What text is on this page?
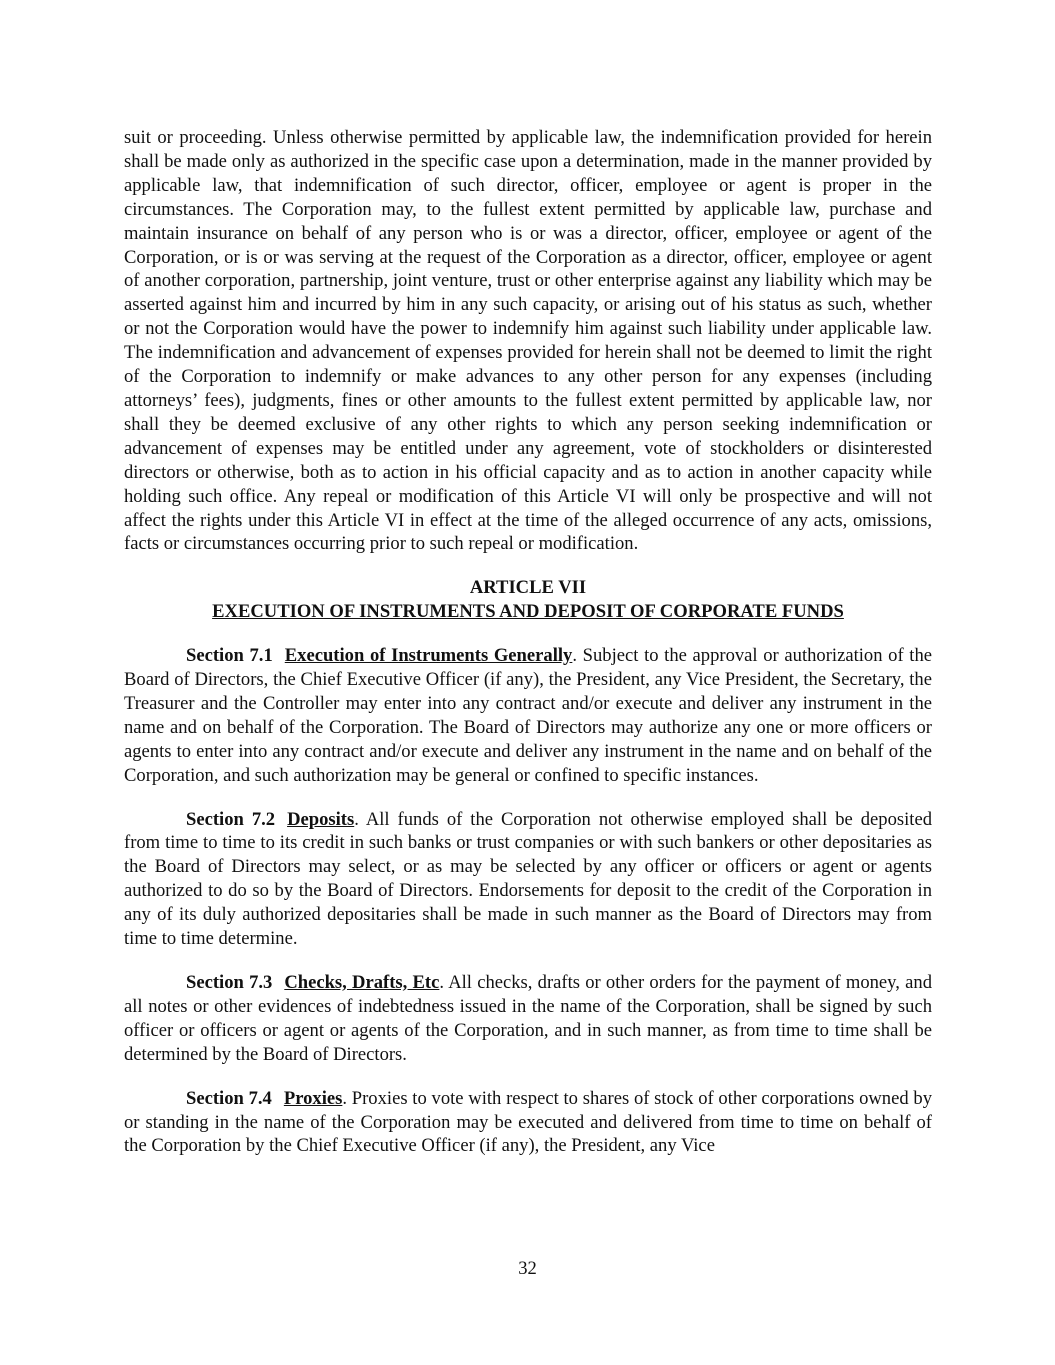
suit or proceeding. Unless otherwise permitted by applicable law, the indemnification provided for herein shall be made only as authorized in the specific case upon a determination, made in the manner provided by applicable law, that indemnification of such director, officer, employee or agent is proper in the circumstances. The Corporation may, to the fullest extent permitted by applicable law, purchase and maintain insurance on behalf of any person who is or was a director, officer, employee or agent of the Corporation, or is or was serving at the request of the Corporation as a director, officer, employee or agent of another corporation, partnership, joint venture, trust or other enterprise against any liability which may be asserted against him and incurred by him in any such capacity, or arising out of his status as such, whether or not the Corporation would have the power to indemnify him against such liability under applicable law. The indemnification and advancement of expenses provided for herein shall not be deemed to limit the right of the Corporation to indemnify or make advances to any other person for any expenses (including attorneys’ fees), judgments, fines or other amounts to the fullest extent permitted by applicable law, nor shall they be deemed exclusive of any other rights to which any person seeking indemnification or advancement of expenses may be entitled under any agreement, vote of stockholders or disinterested directors or otherwise, both as to action in his official capacity and as to action in another capacity while holding such office. Any repeal or modification of this Article VI will only be prospective and will not affect the rights under this Article VI in effect at the time of the alleged occurrence of any acts, omissions, facts or circumstances occurring prior to such repeal or modification.

ARTICLE VII

EXECUTION OF INSTRUMENTS AND DEPOSIT OF CORPORATE FUNDS

Section 7.1 Execution of Instruments Generally. Subject to the approval or authorization of the Board of Directors, the Chief Executive Officer (if any), the President, any Vice President, the Secretary, the Treasurer and the Controller may enter into any contract and/or execute and deliver any instrument in the name and on behalf of the Corporation. The Board of Directors may authorize any one or more officers or agents to enter into any contract and/or execute and deliver any instrument in the name and on behalf of the Corporation, and such authorization may be general or confined to specific instances.

Section 7.2 Deposits. All funds of the Corporation not otherwise employed shall be deposited from time to time to its credit in such banks or trust companies or with such bankers or other depositaries as the Board of Directors may select, or as may be selected by any officer or officers or agent or agents authorized to do so by the Board of Directors. Endorsements for deposit to the credit of the Corporation in any of its duly authorized depositaries shall be made in such manner as the Board of Directors may from time to time determine.

Section 7.3 Checks, Drafts, Etc. All checks, drafts or other orders for the payment of money, and all notes or other evidences of indebtedness issued in the name of the Corporation, shall be signed by such officer or officers or agent or agents of the Corporation, and in such manner, as from time to time shall be determined by the Board of Directors.

Section 7.4 Proxies. Proxies to vote with respect to shares of stock of other corporations owned by or standing in the name of the Corporation may be executed and delivered from time to time on behalf of the Corporation by the Chief Executive Officer (if any), the President, any Vice

32
